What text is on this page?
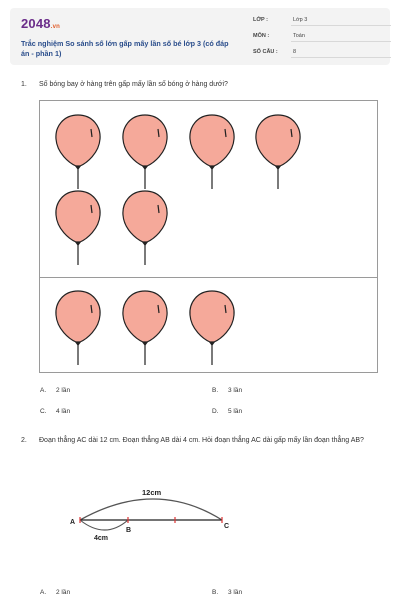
2048.vn
Trắc nghiệm So sánh số lớn gấp mấy lần số bé lớp 3 (có đáp án - phần 1)
LỚP :	Lớp 3
MÔN :	Toán
SỐ CÂU :	8
1. Số bóng bay ở hàng trên gấp mấy lần số bóng ở hàng dưới?
A. 2 lần	B. 3 lần
C. 4 lần	D. 5 lần
2. Đoạn thẳng AC dài 12 cm. Đoạn thẳng AB dài 4 cm. Hỏi đoạn thẳng AC dài gấp mấy lần đoạn thẳng AB?
12cm
A
B
C
4cm
A. 2 lần	B. 3 lần
